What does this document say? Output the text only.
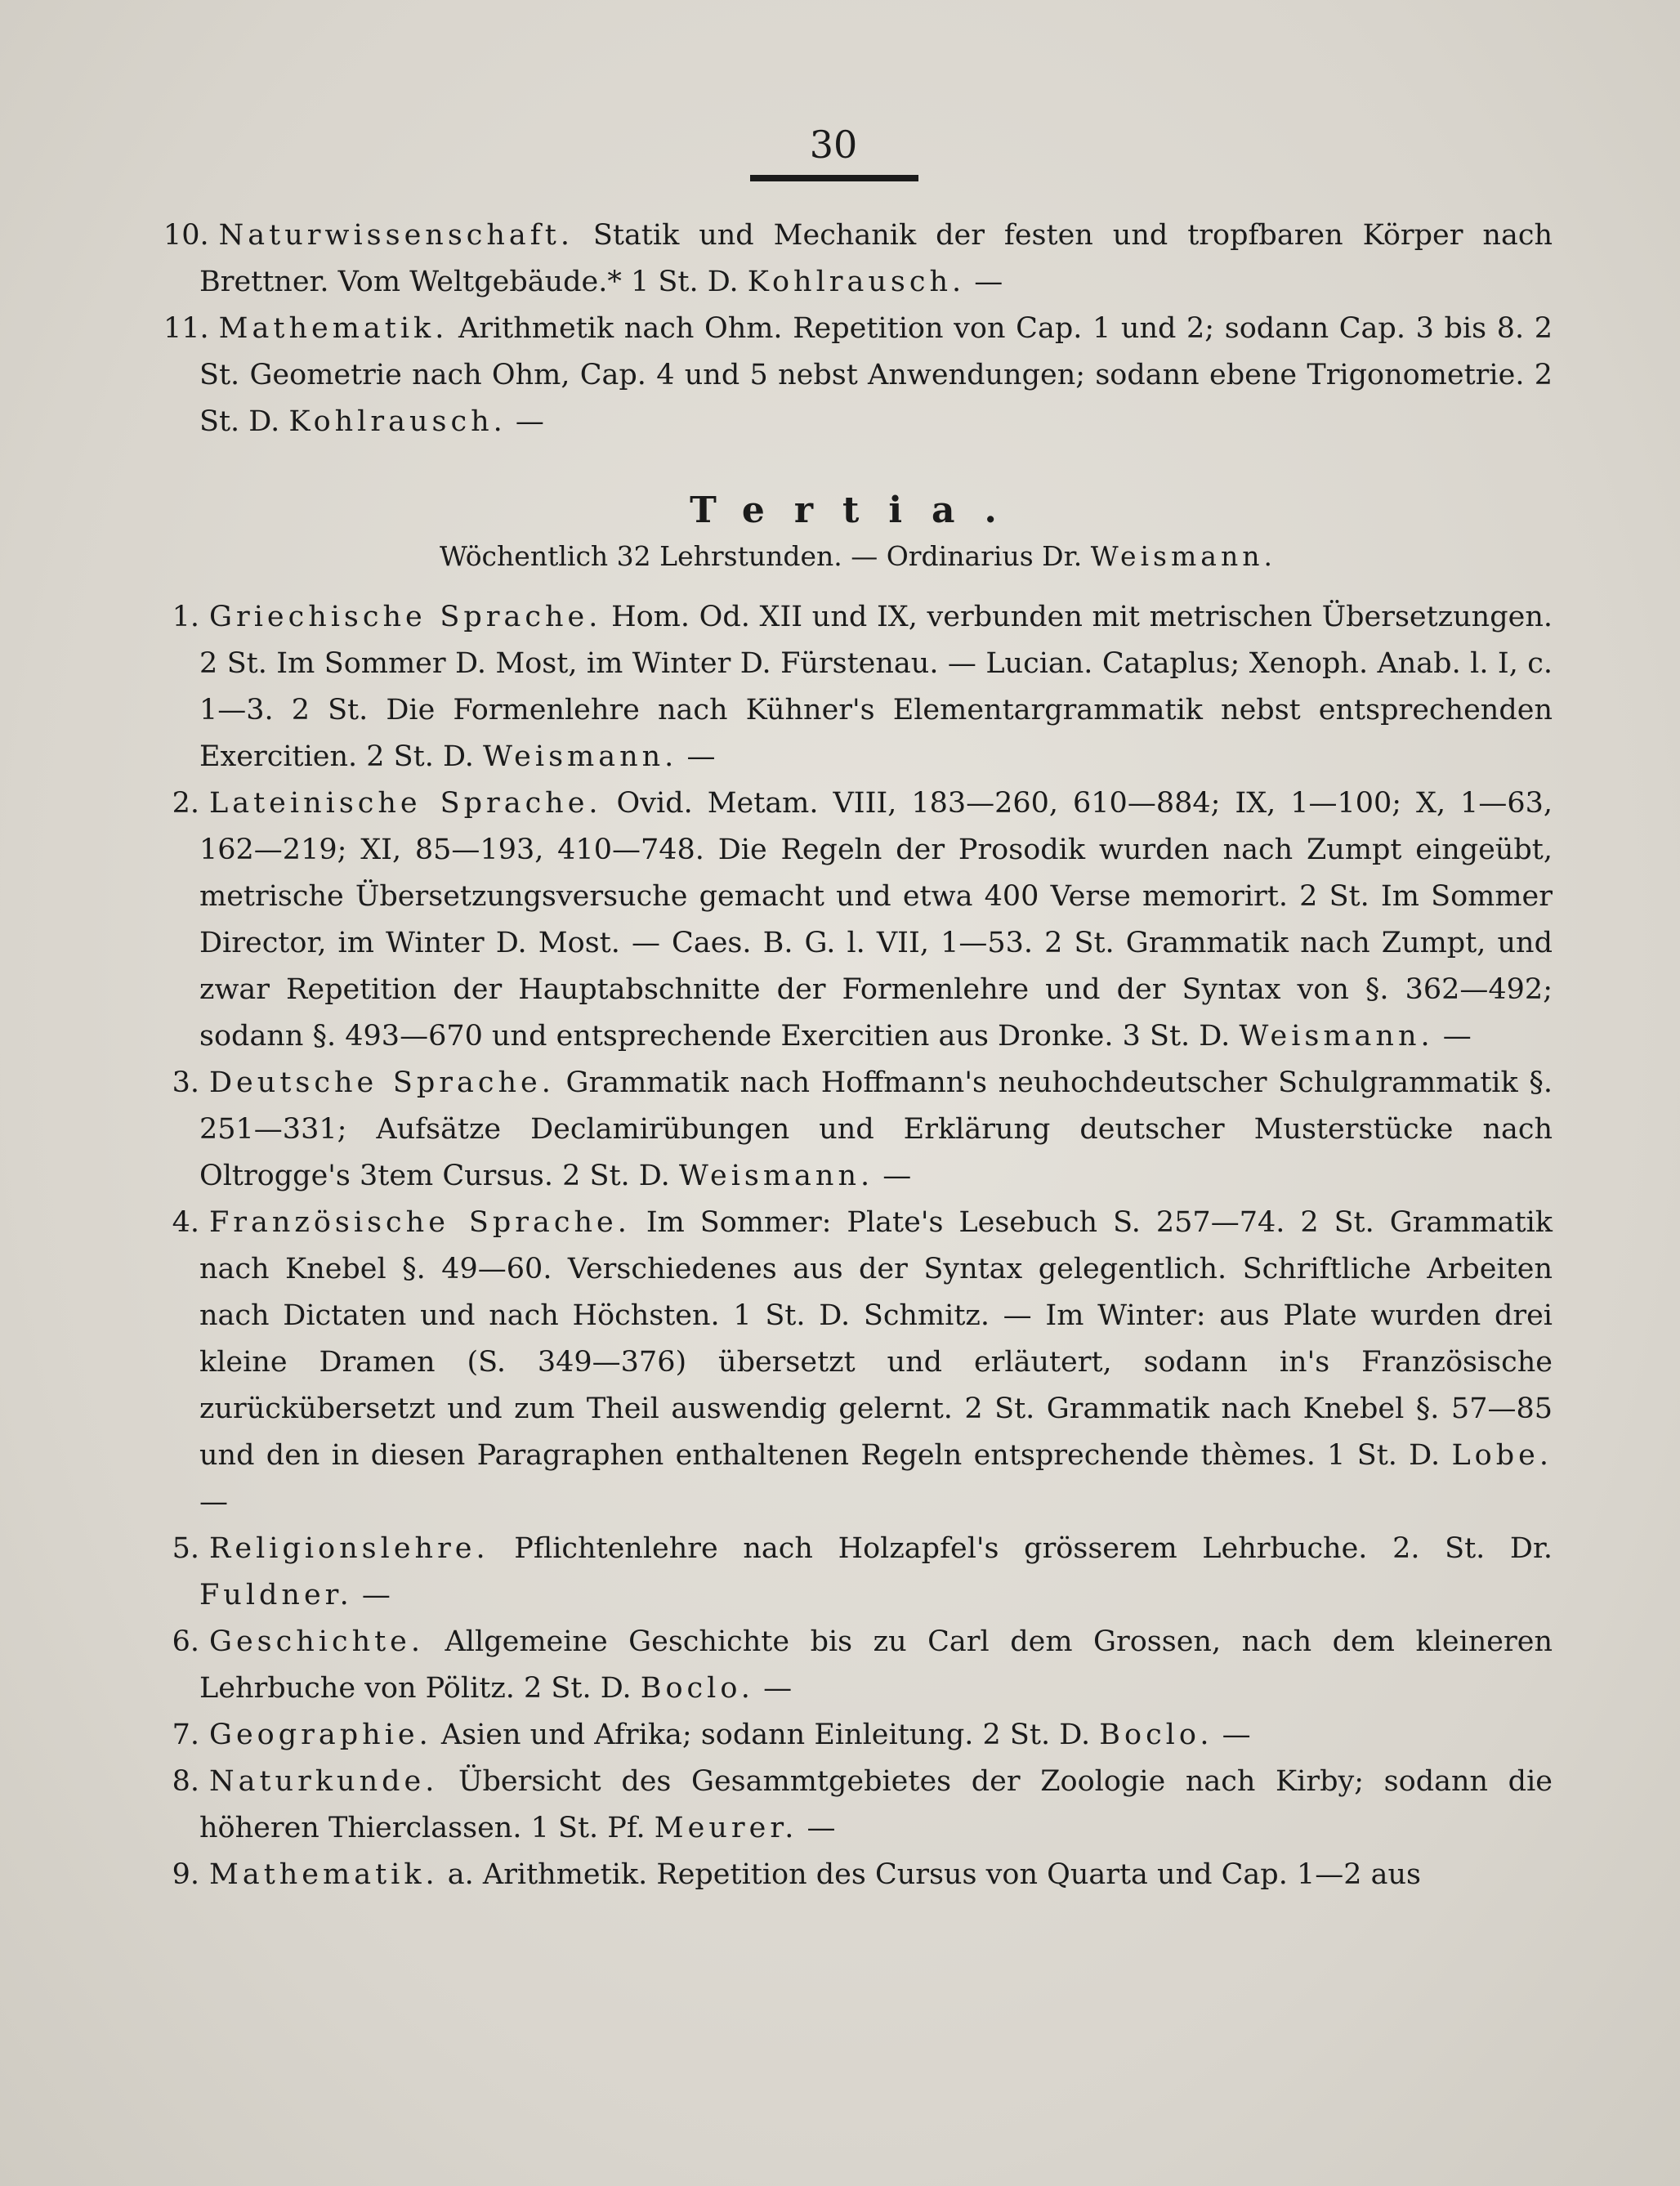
30

10. Naturwissenschaft. Statik und Mechanik der festen und tropfbaren Körper nach Brettner. Vom Weltgebäude.* 1 St. D. Kohlrausch. —

11. Mathematik. Arithmetik nach Ohm. Repetition von Cap. 1 und 2; sodann Cap. 3 bis 8. 2 St. Geometrie nach Ohm, Cap. 4 und 5 nebst Anwendungen; sodann ebene Trigonometrie. 2 St. D. Kohlrausch. —

Tertia.
Wöchentlich 32 Lehrstunden. — Ordinarius Dr. Weismann.

1. Griechische Sprache. Hom. Od. XII und IX, verbunden mit metrischen Übersetzungen. 2 St. Im Sommer D. Most, im Winter D. Fürstenau. — Lucian. Cataplus; Xenoph. Anab. l. I, c. 1—3. 2 St. Die Formenlehre nach Kühner's Elementargrammatik nebst entsprechenden Exercitien. 2 St. D. Weismann. —

2. Lateinische Sprache. Ovid. Metam. VIII, 183—260, 610—884; IX, 1—100; X, 1—63, 162—219; XI, 85—193, 410—748. Die Regeln der Prosodik wurden nach Zumpt eingeübt, metrische Übersetzungsversuche gemacht und etwa 400 Verse memorirt. 2 St. Im Sommer Director, im Winter D. Most. — Caes. B. G. l. VII, 1—53. 2 St. Grammatik nach Zumpt, und zwar Repetition der Hauptabschnitte der Formenlehre und der Syntax von §. 362—492; sodann §. 493—670 und entsprechende Exercitien aus Dronke. 3 St. D. Weismann. —

3. Deutsche Sprache. Grammatik nach Hoffmann's neuhochdeutscher Schulgrammatik §. 251—331; Aufsätze Declamirübungen und Erklärung deutscher Musterstücke nach Oltrogge's 3tem Cursus. 2 St. D. Weismann. —

4. Französische Sprache. Im Sommer: Plate's Lesebuch S. 257—74. 2 St. Grammatik nach Knebel §. 49—60. Verschiedenes aus der Syntax gelegentlich. Schriftliche Arbeiten nach Dictaten und nach Höchsten. 1 St. D. Schmitz. — Im Winter: aus Plate wurden drei kleine Dramen (S. 349—376) übersetzt und erläutert, sodann in's Französische zurückübersetzt und zum Theil auswendig gelernt. 2 St. Grammatik nach Knebel §. 57—85 und den in diesen Paragraphen enthaltenen Regeln entsprechende thèmes. 1 St. D. Lobe. —

5. Religionslehre. Pflichtenlehre nach Holzapfel's grösserem Lehrbuche. 2. St. Dr. Fuldner. —

6. Geschichte. Allgemeine Geschichte bis zu Carl dem Grossen, nach dem kleineren Lehrbuche von Pölitz. 2 St. D. Boclo. —

7. Geographie. Asien und Afrika; sodann Einleitung. 2 St. D. Boclo. —

8. Naturkunde. Übersicht des Gesammtgebietes der Zoologie nach Kirby; sodann die höheren Thierclassen. 1 St. Pf. Meurer. —

9. Mathematik. a. Arithmetik. Repetition des Cursus von Quarta und Cap. 1—2 aus
